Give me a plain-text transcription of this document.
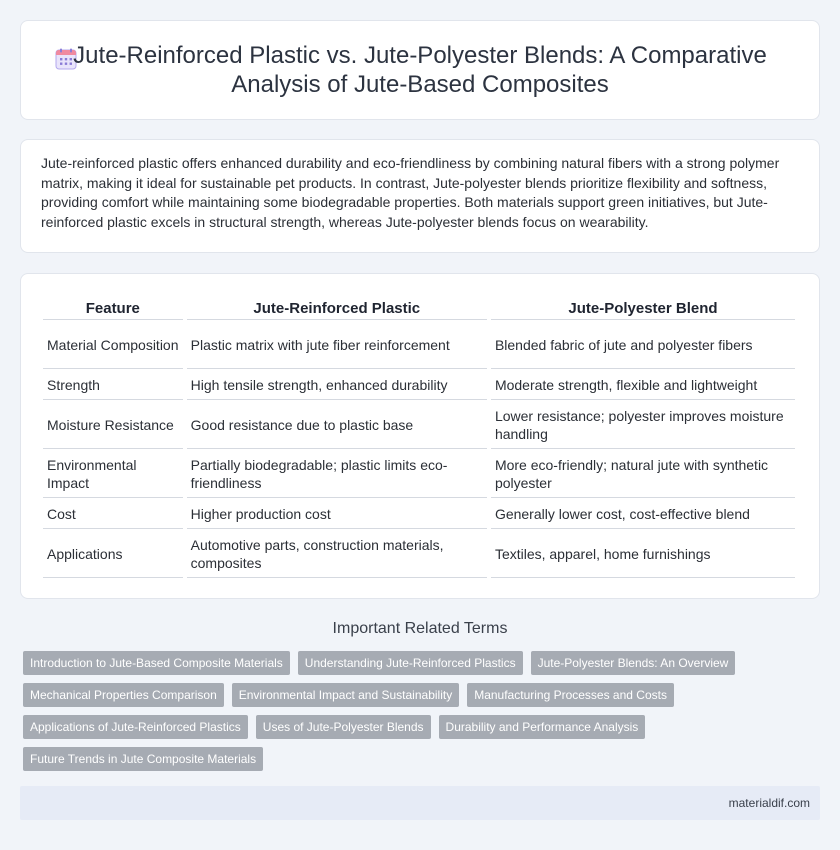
Jute-Reinforced Plastic vs. Jute-Polyester Blends: A Comparative Analysis of Jute-Based Composites

Jute-reinforced plastic offers enhanced durability and eco-friendliness by combining natural fibers with a strong polymer matrix, making it ideal for sustainable pet products. In contrast, Jute-polyester blends prioritize flexibility and softness, providing comfort while maintaining some biodegradable properties. Both materials support green initiatives, but Jute-reinforced plastic excels in structural strength, whereas Jute-polyester blends focus on wearability.

Feature	Jute-Reinforced Plastic	Jute-Polyester Blend
Material Composition	Plastic matrix with jute fiber reinforcement	Blended fabric of jute and polyester fibers
Strength	High tensile strength, enhanced durability	Moderate strength, flexible and lightweight
Moisture Resistance	Good resistance due to plastic base	Lower resistance; polyester improves moisture handling
Environmental Impact	Partially biodegradable; plastic limits eco-friendliness	More eco-friendly; natural jute with synthetic polyester
Cost	Higher production cost	Generally lower cost, cost-effective blend
Applications	Automotive parts, construction materials, composites	Textiles, apparel, home furnishings
Important Related Terms
Introduction to Jute-Based Composite Materials	Understanding Jute-Reinforced Plastics	Jute-Polyester Blends: An Overview
Mechanical Properties Comparison	Environmental Impact and Sustainability	Manufacturing Processes and Costs
Applications of Jute-Reinforced Plastics	Uses of Jute-Polyester Blends	Durability and Performance Analysis
Future Trends in Jute Composite Materials
materialdif.com
